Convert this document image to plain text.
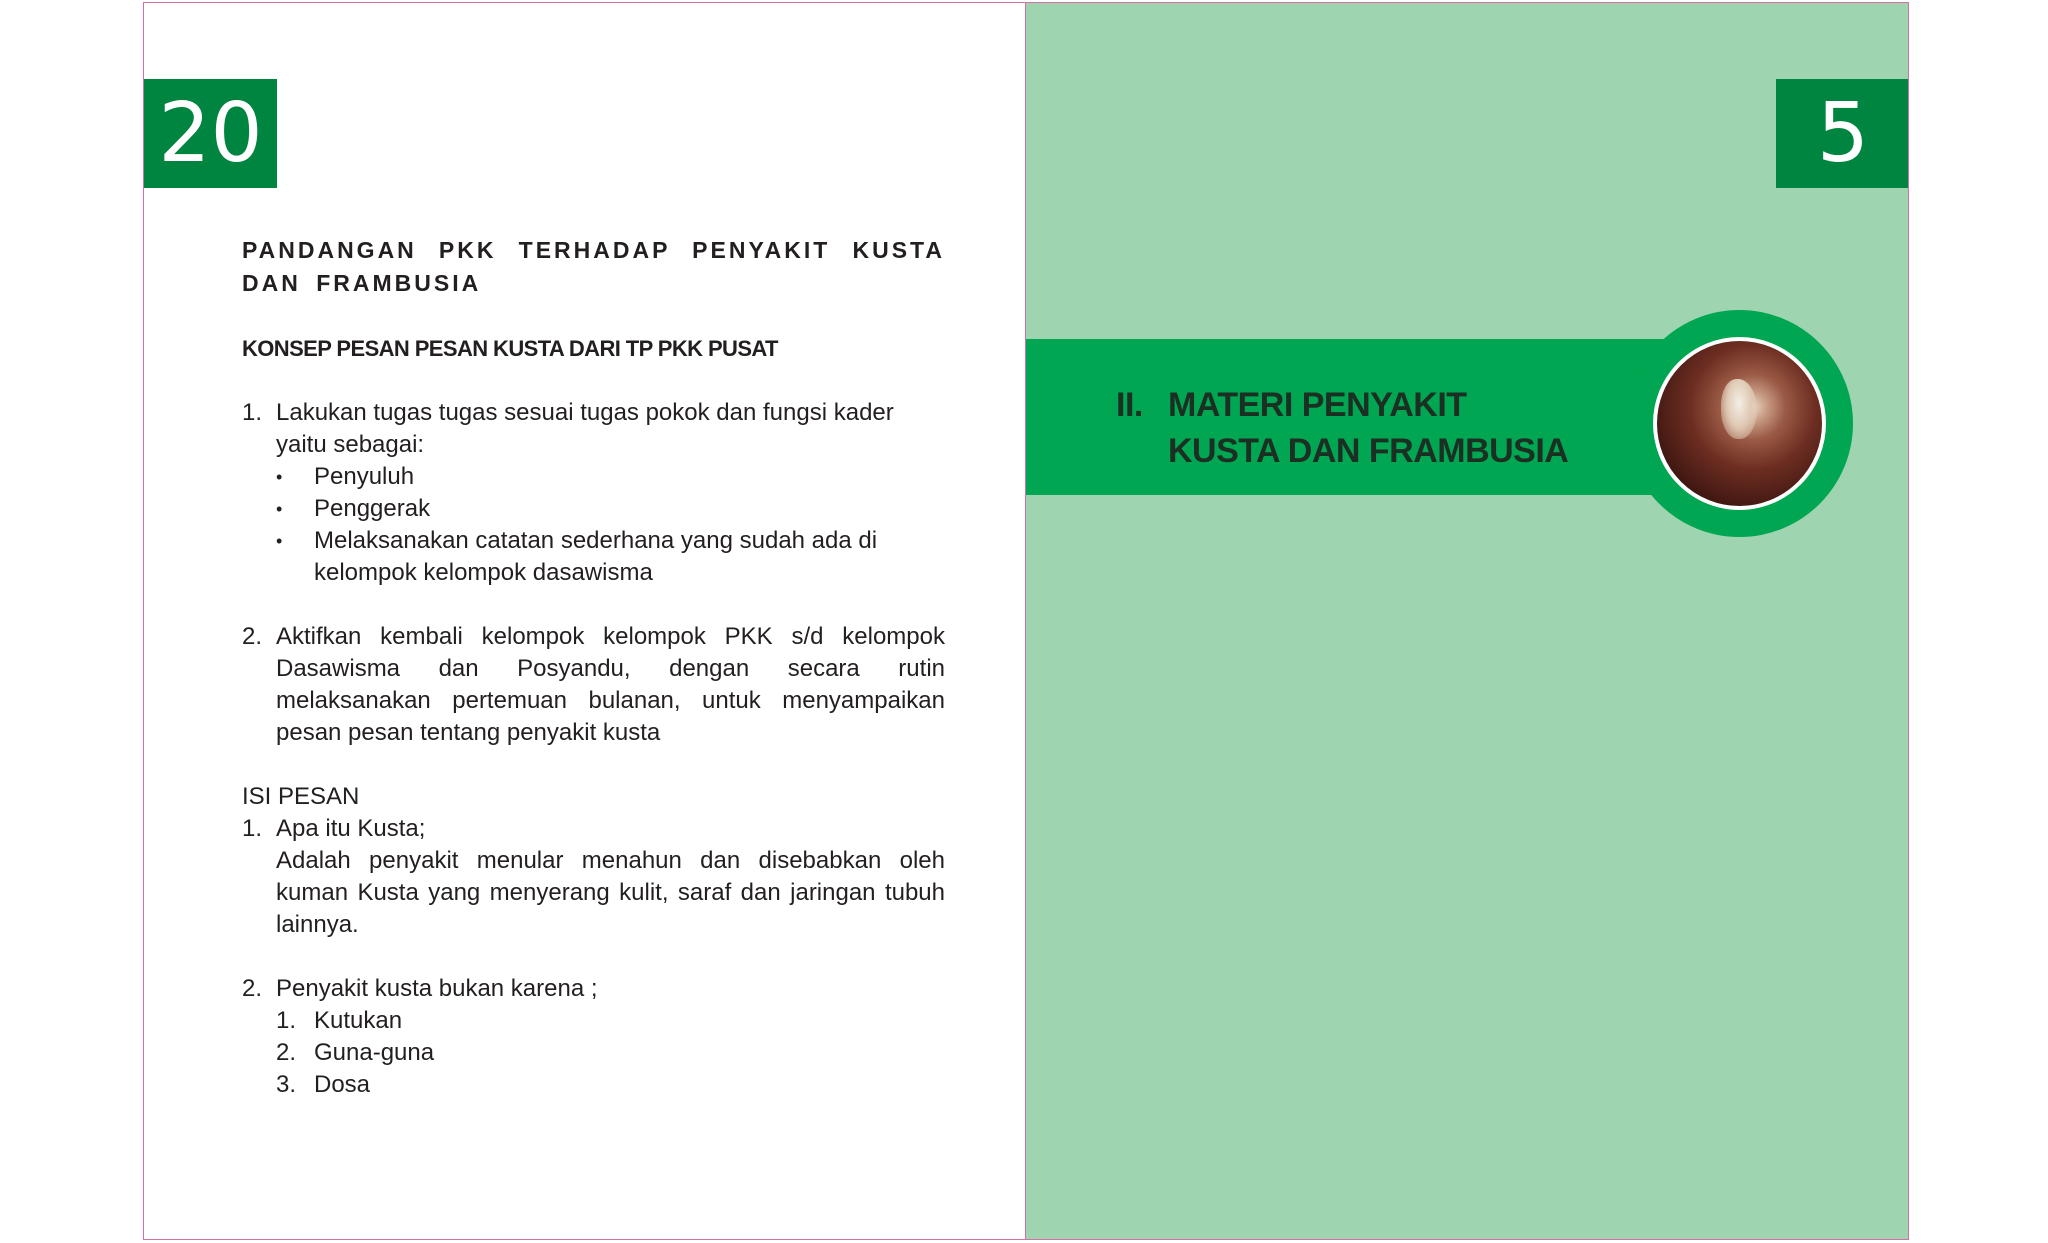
20

PANDANGAN PKK TERHADAP PENYAKIT KUSTA DAN FRAMBUSIA

KONSEP PESAN PESAN KUSTA DARI TP PKK PUSAT

1. Lakukan tugas tugas sesuai tugas pokok dan fungsi kader yaitu sebagai:
•	Penyuluh
•	Penggerak
•	Melaksanakan catatan sederhana yang sudah ada di kelompok kelompok dasawisma
2. Aktifkan kembali kelompok kelompok PKK s/d kelompok Dasawisma dan Posyandu, dengan secara rutin melaksanakan pertemuan bulanan, untuk menyampaikan pesan pesan tentang penyakit kusta
ISI PESAN
1. Apa itu Kusta;
Adalah penyakit menular menahun dan disebabkan oleh kuman Kusta yang menyerang kulit, saraf dan jaringan tubuh lainnya.
2. Penyakit kusta bukan karena ;
1. Kutukan
2. Guna-guna
3. Dosa
5
II. MATERI PENYAKIT
KUSTA DAN FRAMBUSIA
